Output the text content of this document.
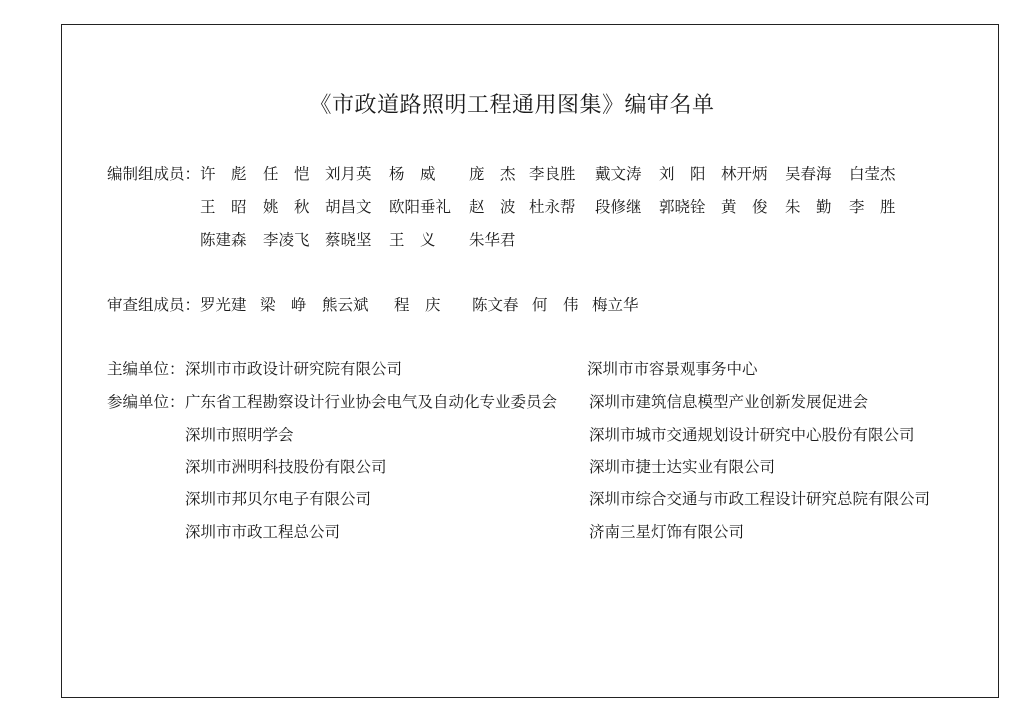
《市政道路照明工程通用图集》编审名单
编制组成员： 许　彪 任　恺 刘月英 杨　威 庞　杰 李良胜 戴文涛 刘　阳 林开炳 吴春海 白莹杰
王　昭 姚　秋 胡昌文 欧阳垂礼 赵　波 杜永帮 段修继 郭晓铨 黄　俊 朱　勤 李　胜
陈建森 李凌飞 蔡晓坚 王　义 朱华君
审查组成员： 罗光建 梁　峥 熊云斌 程　庆 陈文春 何　伟 梅立华
主编单位： 深圳市市政设计研究院有限公司	深圳市市容景观事务中心
参编单位： 广东省工程勘察设计行业协会电气及自动化专业委员会
深圳市照明学会
深圳市洲明科技股份有限公司
深圳市邦贝尔电子有限公司
深圳市市政工程总公司
深圳市建筑信息模型产业创新发展促进会
深圳市城市交通规划设计研究中心股份有限公司
深圳市捷士达实业有限公司
深圳市综合交通与市政工程设计研究总院有限公司
济南三星灯饰有限公司
